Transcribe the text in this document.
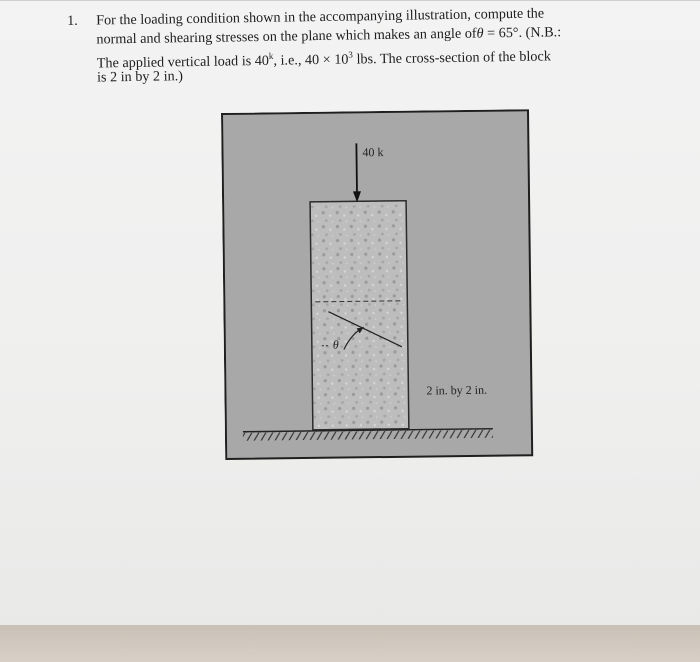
1. For the loading condition shown in the accompanying illustration, compute the
normal and shearing stresses on the plane which makes an angle ofθ = 65°. (N.B.:
The applied vertical load is 40$^k$, i.e., $40 \times 10^3$ lbs. The cross-section of the block
is 2 in by 2 in.)
θ
40 k
2 in. by 2 in.
